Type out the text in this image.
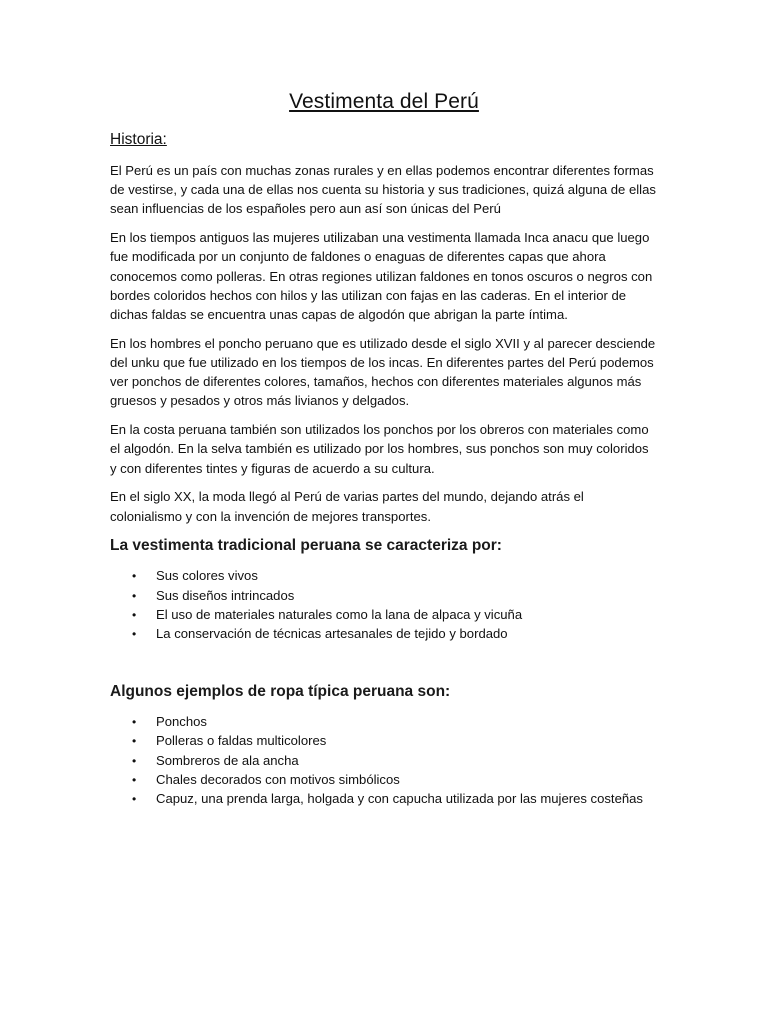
Vestimenta del Perú
Historia:

El Perú es un país con muchas zonas rurales y en ellas podemos encontrar diferentes formas de vestirse, y cada una de ellas nos cuenta su historia y sus tradiciones, quizá alguna de ellas sean influencias de los españoles pero aun así son únicas del Perú

En los tiempos antiguos las mujeres utilizaban una vestimenta llamada Inca anacu que luego fue modificada por un conjunto de faldones o enaguas de diferentes capas que ahora conocemos como polleras. En otras regiones utilizan faldones en tonos oscuros o negros con bordes coloridos hechos con hilos y las utilizan con fajas en las caderas. En el interior de dichas faldas se encuentra unas capas de algodón que abrigan la parte íntima.

En los hombres el poncho peruano que es utilizado desde el siglo XVII y al parecer desciende del unku que fue utilizado en los tiempos de los incas. En diferentes partes del Perú podemos ver ponchos de diferentes colores, tamaños, hechos con diferentes materiales algunos más gruesos y pesados y otros más livianos y delgados.

En la costa peruana también son utilizados los ponchos por los obreros con materiales como el algodón. En la selva también es utilizado por los hombres, sus ponchos son muy coloridos y con diferentes tintes y figuras de acuerdo a su cultura.

En el siglo XX, la moda llegó al Perú de varias partes del mundo, dejando atrás el colonialismo y con la invención de mejores transportes.

La vestimenta tradicional peruana se caracteriza por:
• Sus colores vivos
• Sus diseños intrincados
• El uso de materiales naturales como la lana de alpaca y vicuña
• La conservación de técnicas artesanales de tejido y bordado
Algunos ejemplos de ropa típica peruana son:
• Ponchos
• Polleras o faldas multicolores
• Sombreros de ala ancha
• Chales decorados con motivos simbólicos
• Capuz, una prenda larga, holgada y con capucha utilizada por las mujeres costeñas
